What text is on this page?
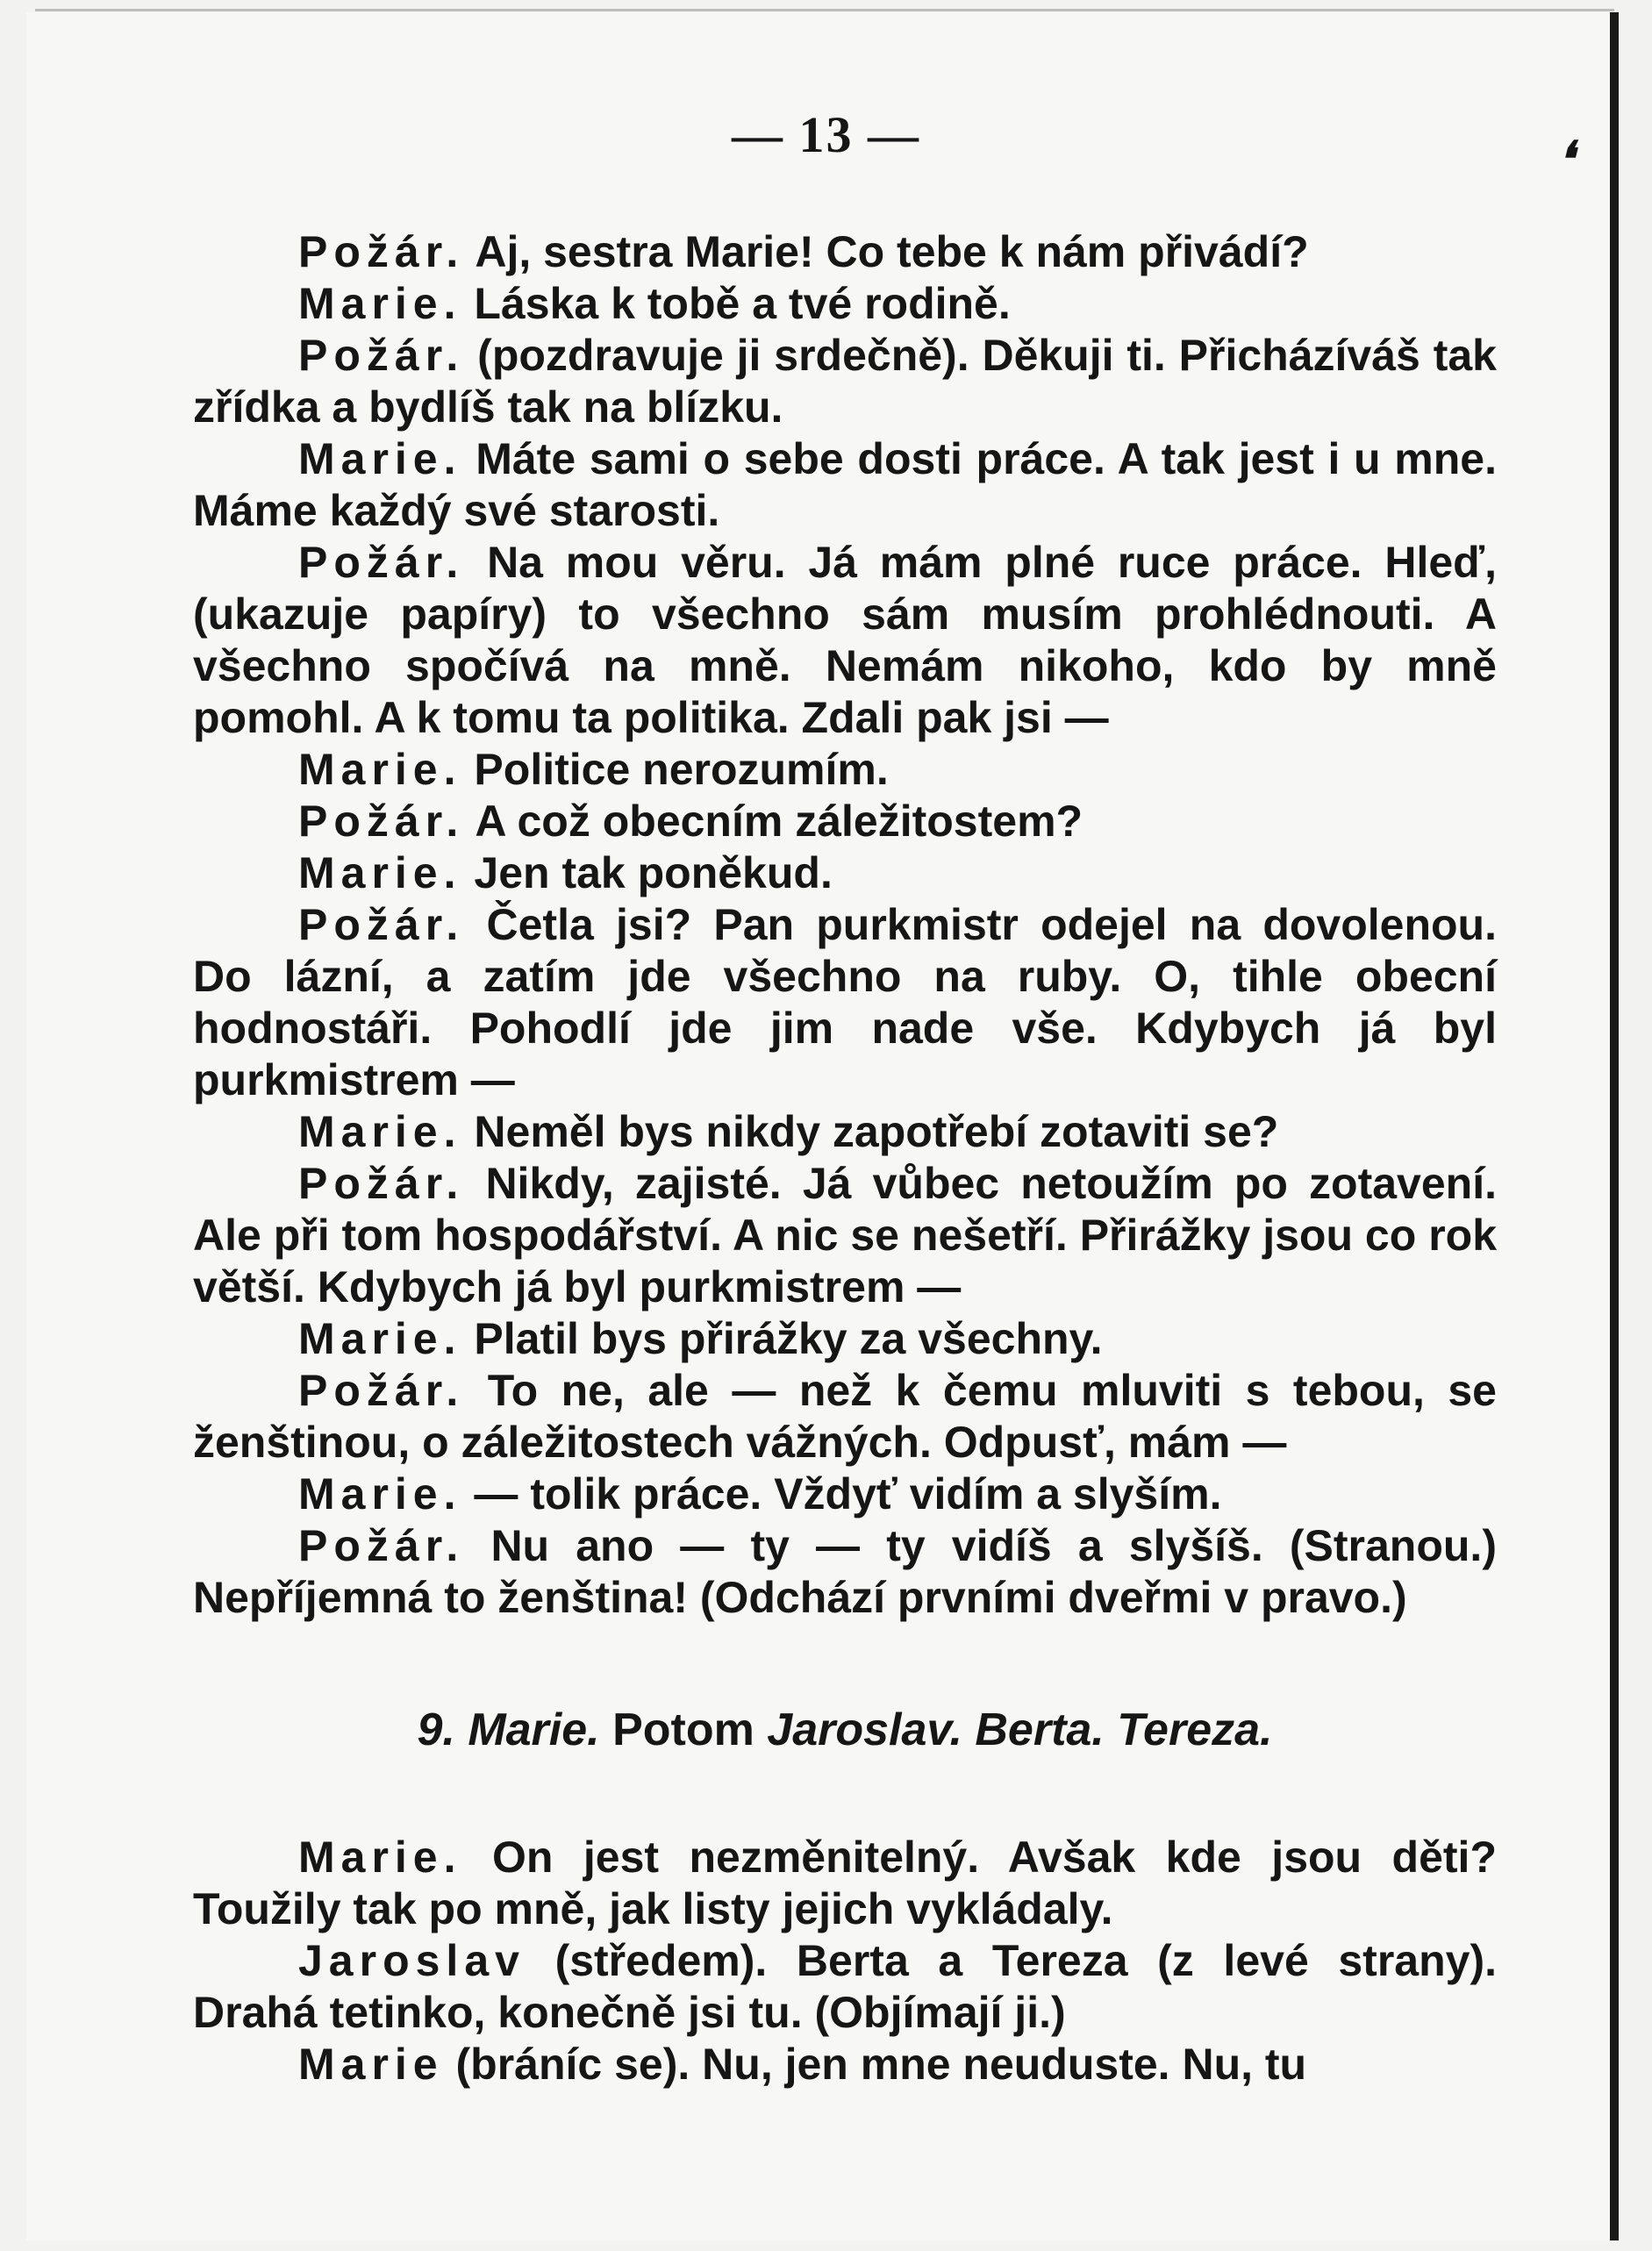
— 13 —	❛

Požár. Aj, sestra Marie! Co tebe k nám přivádí?

Marie. Láska k tobě a tvé rodině.

Požár. (pozdravuje ji srdečně). Děkuji ti. Přicházíváš tak zřídka a bydlíš tak na blízku.

Marie. Máte sami o sebe dosti práce. A tak jest i u mne. Máme každý své starosti.

Požár. Na mou věru. Já mám plné ruce práce. Hleď, (ukazuje papíry) to všechno sám musím prohlédnouti. A všechno spočívá na mně. Nemám nikoho, kdo by mně pomohl. A k tomu ta politika. Zdali pak jsi —

Marie. Politice nerozumím.

Požár. A což obecním záležitostem?

Marie. Jen tak poněkud.

Požár. Četla jsi? Pan purkmistr odejel na dovolenou. Do lázní, a zatím jde všechno na ruby. O, tihle obecní hodnostáři. Pohodlí jde jim nade vše. Kdybych já byl purkmistrem —

Marie. Neměl bys nikdy zapotřebí zotaviti se?

Požár. Nikdy, zajisté. Já vůbec netoužím po zotavení. Ale při tom hospodářství. A nic se nešetří. Přirážky jsou co rok větší. Kdybych já byl purkmistrem —

Marie. Platil bys přirážky za všechny.

Požár. To ne, ale — než k čemu mluviti s tebou, se ženštinou, o záležitostech vážných. Odpusť, mám —

Marie. — tolik práce. Vždyť vidím a slyším.

Požár. Nu ano — ty — ty vidíš a slyšíš. (Stranou.) Nepříjemná to ženština! (Odchází prvními dveřmi v pravo.)

9. Marie. Potom Jaroslav. Berta. Tereza.

Marie. On jest nezměnitelný. Avšak kde jsou děti? Toužily tak po mně, jak listy jejich vykládaly.

Jaroslav (středem). Berta a Tereza (z levé strany). Drahá tetinko, konečně jsi tu. (Objímají ji.)

Marie (bráníc se). Nu, jen mne neuduste. Nu, tu
